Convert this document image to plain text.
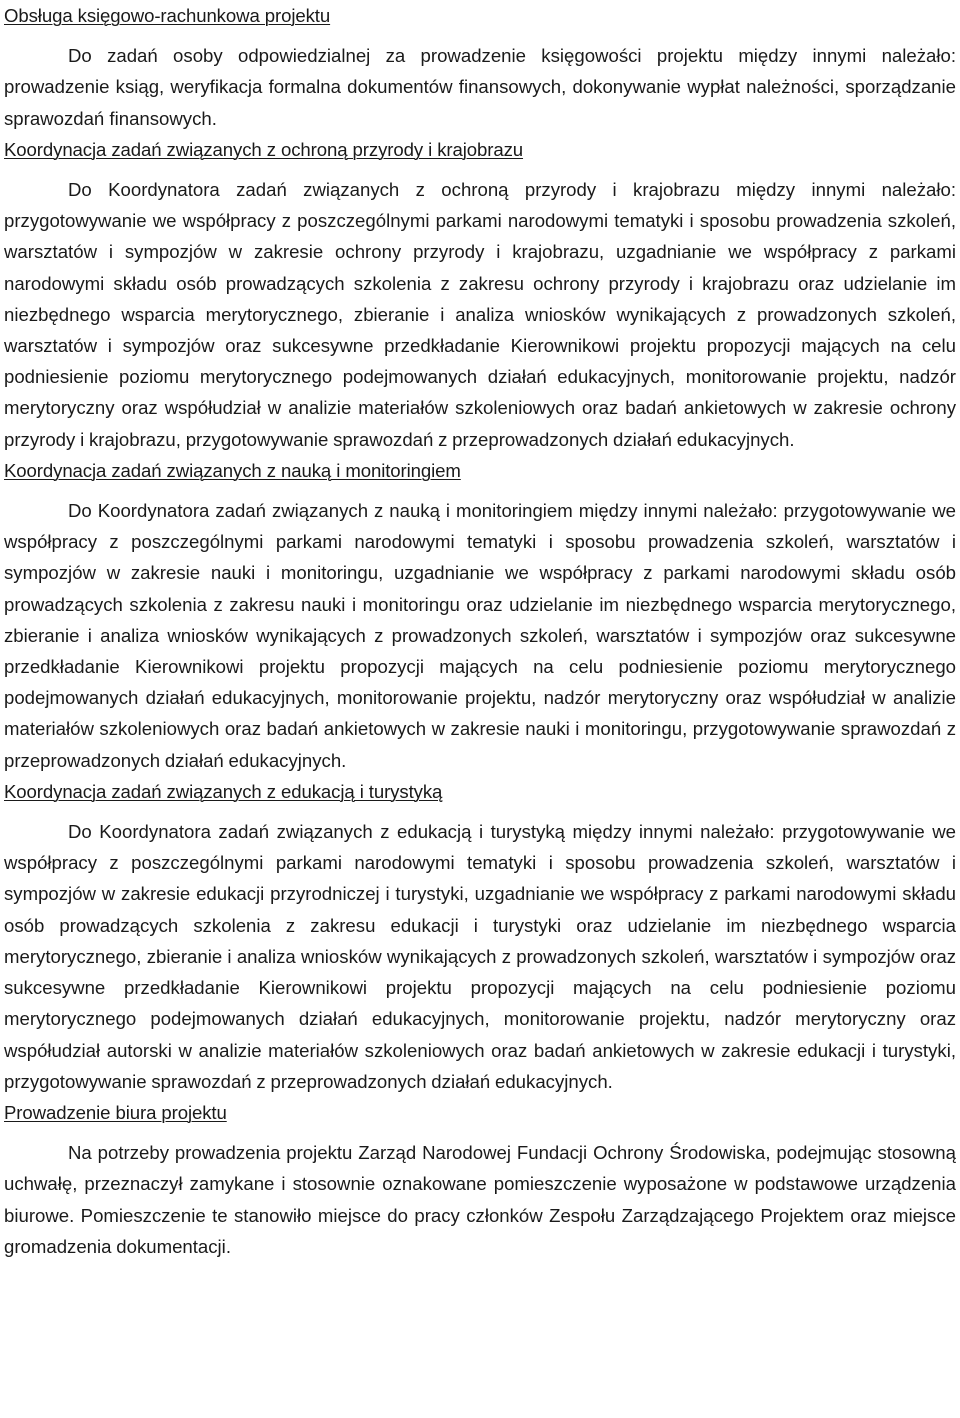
Obsługa księgowo-rachunkowa projektu

Do zadań osoby odpowiedzialnej za prowadzenie księgowości projektu między innymi należało: prowadzenie ksiąg, weryfikacja formalna dokumentów finansowych, dokonywanie wypłat należności, sporządzanie sprawozdań finansowych.

Koordynacja zadań związanych z ochroną przyrody i krajobrazu

Do Koordynatora zadań związanych z ochroną przyrody i krajobrazu między innymi należało: przygotowywanie we współpracy z poszczególnymi parkami narodowymi tematyki i sposobu prowadzenia szkoleń, warsztatów i sympozjów w zakresie ochrony przyrody i krajobrazu, uzgadnianie we współpracy z parkami narodowymi składu osób prowadzących szkolenia z zakresu ochrony przyrody i krajobrazu oraz udzielanie im niezbędnego wsparcia merytorycznego, zbieranie i analiza wniosków wynikających z prowadzonych szkoleń, warsztatów i sympozjów oraz sukcesywne przedkładanie Kierownikowi projektu propozycji mających na celu podniesienie poziomu merytorycznego podejmowanych działań edukacyjnych, monitorowanie projektu, nadzór merytoryczny oraz współudział w analizie materiałów szkoleniowych oraz badań ankietowych w zakresie ochrony przyrody i krajobrazu, przygotowywanie sprawozdań z przeprowadzonych działań edukacyjnych.

Koordynacja zadań związanych z nauką i monitoringiem

Do Koordynatora zadań związanych z nauką i monitoringiem między innymi należało: przygotowywanie we współpracy z poszczególnymi parkami narodowymi tematyki i sposobu prowadzenia szkoleń, warsztatów i sympozjów w zakresie nauki i monitoringu, uzgadnianie we współpracy z parkami narodowymi składu osób prowadzących szkolenia z zakresu nauki i monitoringu oraz udzielanie im niezbędnego wsparcia merytorycznego, zbieranie i analiza wniosków wynikających z prowadzonych szkoleń, warsztatów i sympozjów oraz sukcesywne przedkładanie Kierownikowi projektu propozycji mających na celu podniesienie poziomu merytorycznego podejmowanych działań edukacyjnych, monitorowanie projektu, nadzór merytoryczny oraz współudział w analizie materiałów szkoleniowych oraz badań ankietowych w zakresie nauki i monitoringu, przygotowywanie sprawozdań z przeprowadzonych działań edukacyjnych.

Koordynacja zadań związanych z edukacją i turystyką

Do Koordynatora zadań związanych z edukacją i turystyką między innymi należało: przygotowywanie we współpracy z poszczególnymi parkami narodowymi tematyki i sposobu prowadzenia szkoleń, warsztatów i sympozjów w zakresie edukacji przyrodniczej i turystyki, uzgadnianie we współpracy z parkami narodowymi składu osób prowadzących szkolenia z zakresu edukacji i turystyki oraz udzielanie im niezbędnego wsparcia merytorycznego, zbieranie i analiza wniosków wynikających z prowadzonych szkoleń, warsztatów i sympozjów oraz sukcesywne przedkładanie Kierownikowi projektu propozycji mających na celu podniesienie poziomu merytorycznego podejmowanych działań edukacyjnych, monitorowanie projektu, nadzór merytoryczny oraz współudział autorski w analizie materiałów szkoleniowych oraz badań ankietowych w zakresie edukacji i turystyki, przygotowywanie sprawozdań z przeprowadzonych działań edukacyjnych.

Prowadzenie biura projektu

Na potrzeby prowadzenia projektu Zarząd Narodowej Fundacji Ochrony Środowiska, podejmując stosowną uchwałę, przeznaczył zamykane i stosownie oznakowane pomieszczenie wyposażone w podstawowe urządzenia biurowe. Pomieszczenie te stanowiło miejsce do pracy członków Zespołu Zarządzającego Projektem oraz miejsce gromadzenia dokumentacji.
